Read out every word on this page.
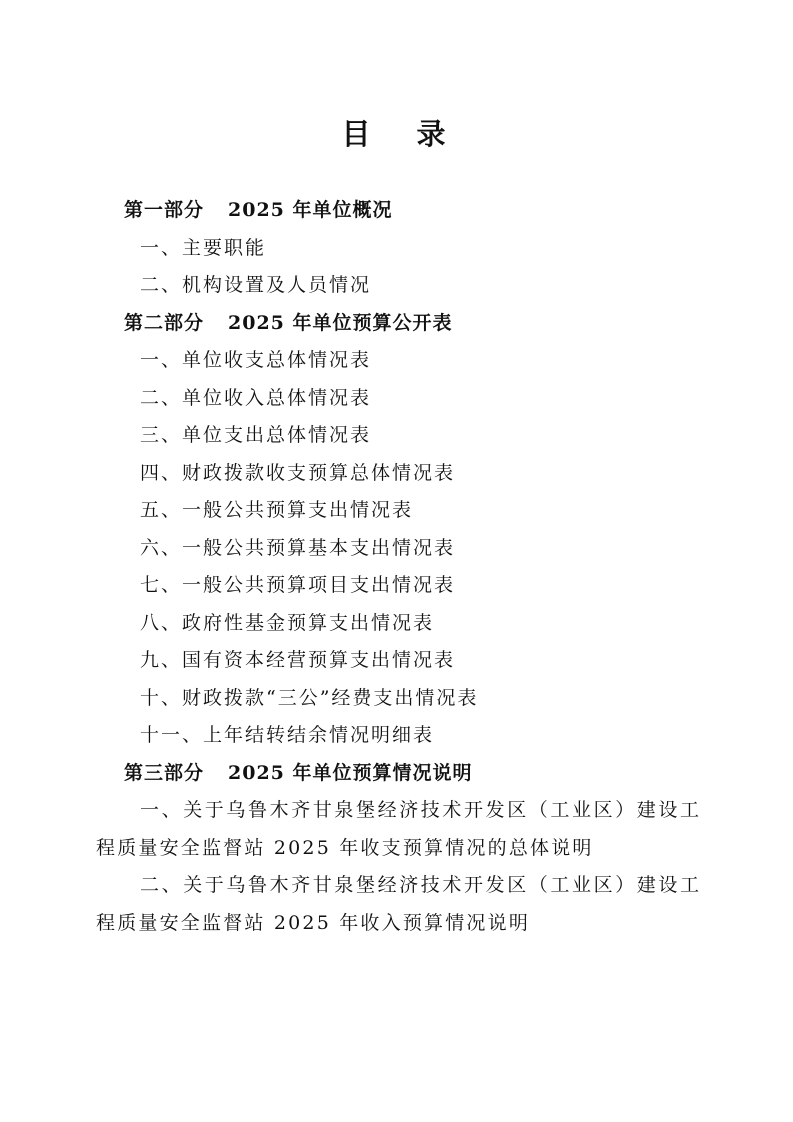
目 录
第一部分 2025 年单位概况
一、主要职能
二、机构设置及人员情况
第二部分 2025 年单位预算公开表
一、单位收支总体情况表
二、单位收入总体情况表
三、单位支出总体情况表
四、财政拨款收支预算总体情况表
五、一般公共预算支出情况表
六、一般公共预算基本支出情况表
七、一般公共预算项目支出情况表
八、政府性基金预算支出情况表
九、国有资本经营预算支出情况表
十、财政拨款“三公”经费支出情况表
十一、上年结转结余情况明细表
第三部分 2025 年单位预算情况说明
一、关于乌鲁木齐甘泉堡经济技术开发区（工业区）建设工
程质量安全监督站 2025 年收支预算情况的总体说明
二、关于乌鲁木齐甘泉堡经济技术开发区（工业区）建设工
程质量安全监督站 2025 年收入预算情况说明
